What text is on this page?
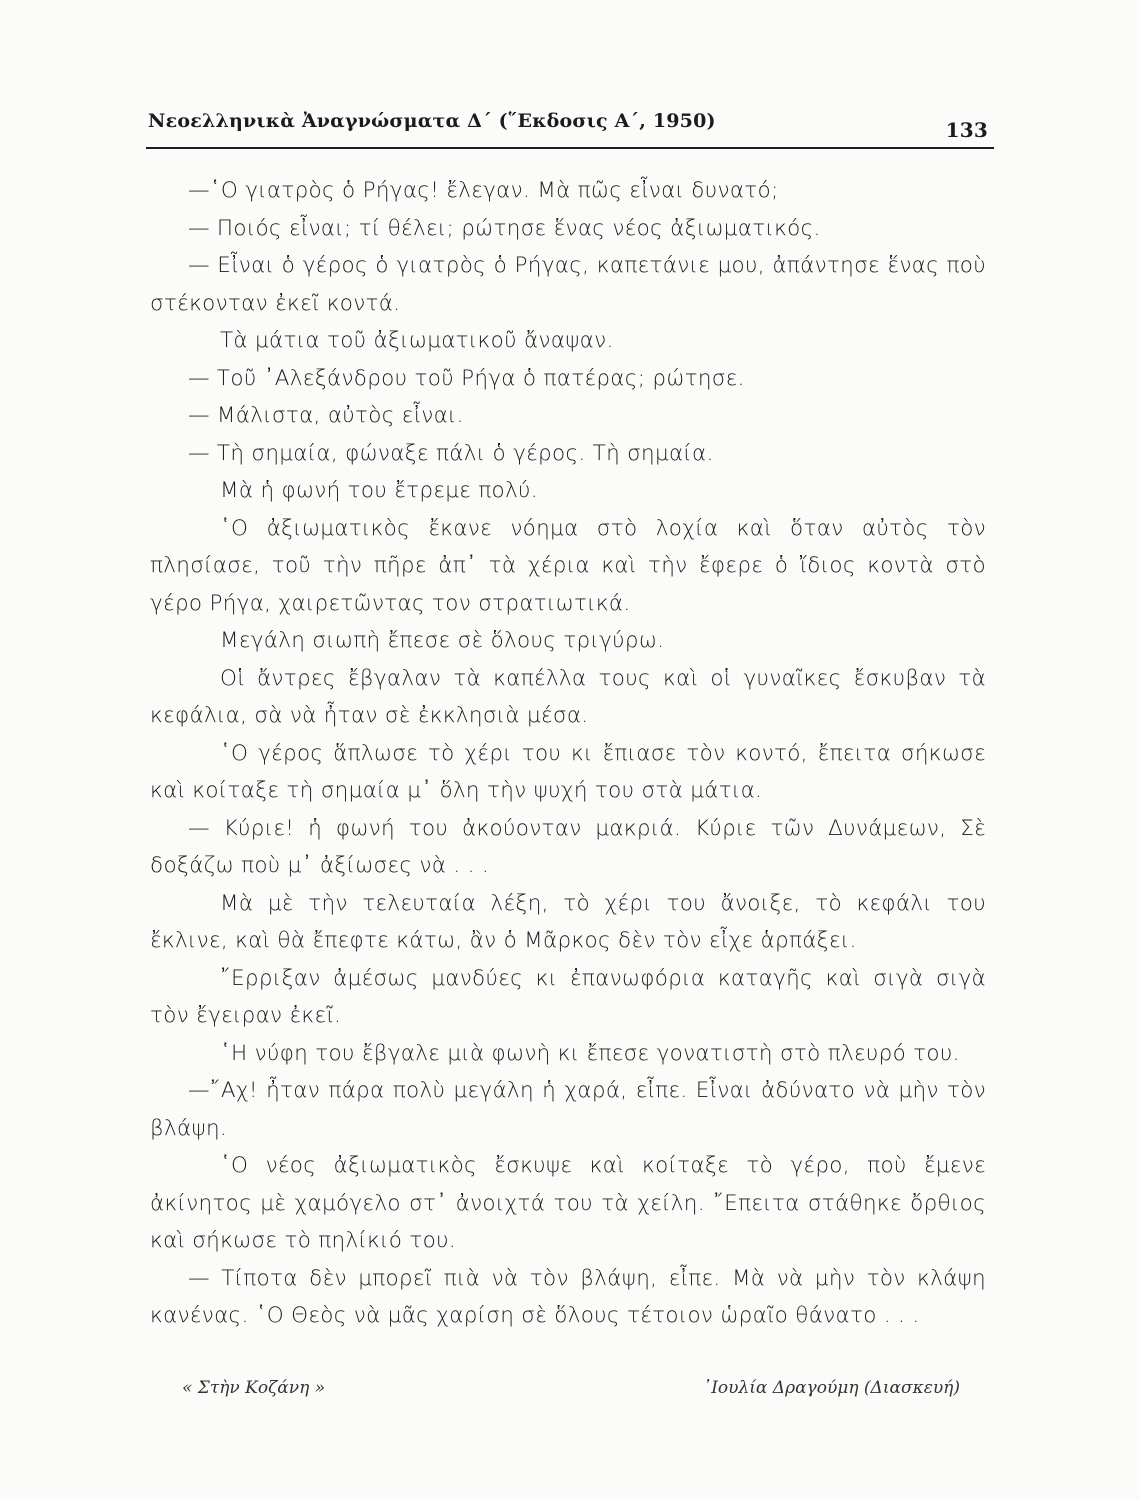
Νεοελληνικὰ Ἀναγνώσματα Δ΄ (῞Εκδοσις Α΄, 1950)	133

—῾Ο γιατρὸς ὁ Ρήγας! ἔλεγαν. Μὰ πῶς εἶναι δυνατό;

— Ποιός εἶναι; τί θέλει; ρώτησε ἕνας νέος ἀξιωματικός.

— Εἶναι ὁ γέρος ὁ γιατρὸς ὁ Ρήγας, καπετάνιε μου, ἀπάντησε ἕνας ποὺ στέκονταν ἐκεῖ κοντά.

Τὰ μάτια τοῦ ἀξιωματικοῦ ἄναψαν.

— Τοῦ ᾿Αλεξάνδρου τοῦ Ρήγα ὁ πατέρας; ρώτησε.

— Μάλιστα, αὐτὸς εἶναι.

— Τὴ σημαία, φώναξε πάλι ὁ γέρος. Τὴ σημαία.

Μὰ ἡ φωνή του ἔτρεμε πολύ.

῾Ο ἀξιωματικὸς ἔκανε νόημα στὸ λοχία καὶ ὅταν αὐτὸς τὸν πλησίασε, τοῦ τὴν πῆρε ἀπ᾿ τὰ χέρια καὶ τὴν ἔφερε ὁ ἴδιος κοντὰ στὸ γέρο Ρήγα, χαιρετῶντας τον στρατιωτικά.

Μεγάλη σιωπὴ ἔπεσε σὲ ὅλους τριγύρω.

Οἱ ἄντρες ἔβγαλαν τὰ καπέλλα τους καὶ οἱ γυναῖκες ἔσκυβαν τὰ κεφάλια, σὰ νὰ ἦταν σὲ ἐκκλησιὰ μέσα.

῾Ο γέρος ἅπλωσε τὸ χέρι του κι ἔπιασε τὸν κοντό, ἔπειτα σήκωσε καὶ κοίταξε τὴ σημαία μ᾿ ὅλη τὴν ψυχή του στὰ μάτια.

— Κύριε! ἡ φωνή του ἀκούονταν μακριά. Κύριε τῶν Δυνάμεων, Σὲ δοξάζω ποὺ μ᾿ ἀξίωσες νὰ . . .

Μὰ μὲ τὴν τελευταία λέξη, τὸ χέρι του ἄνοιξε, τὸ κεφάλι του ἔκλινε, καὶ θὰ ἔπεφτε κάτω, ἂν ὁ Μᾶρκος δὲν τὸν εἶχε ἁρπάξει.

῎Ερριξαν ἀμέσως μανδύες κι ἐπανωφόρια καταγῆς καὶ σιγὰ σιγὰ τὸν ἔγειραν ἐκεῖ.

῾Η νύφη του ἔβγαλε μιὰ φωνὴ κι ἔπεσε γονατιστὴ στὸ πλευρό του.

—῎Αχ! ἦταν πάρα πολὺ μεγάλη ἡ χαρά, εἶπε. Εἶναι ἀδύνατο νὰ μὴν τὸν βλάψη.

῾Ο νέος ἀξιωματικὸς ἔσκυψε καὶ κοίταξε τὸ γέρο, ποὺ ἔμενε ἀκίνητος μὲ χαμόγελο στ᾿ ἀνοιχτά του τὰ χείλη. ῎Επειτα στάθηκε ὄρθιος καὶ σήκωσε τὸ πηλίκιό του.

— Τίποτα δὲν μπορεῖ πιὰ νὰ τὸν βλάψη, εἶπε. Μὰ νὰ μὴν τὸν κλάψη κανένας. ῾Ο Θεὸς νὰ μᾶς χαρίση σὲ ὅλους τέτοιον ὡραῖο θάνατο . . .

« Στὴν Κοζάνη »	᾿Ιουλία Δραγούμη (Διασκευή)
